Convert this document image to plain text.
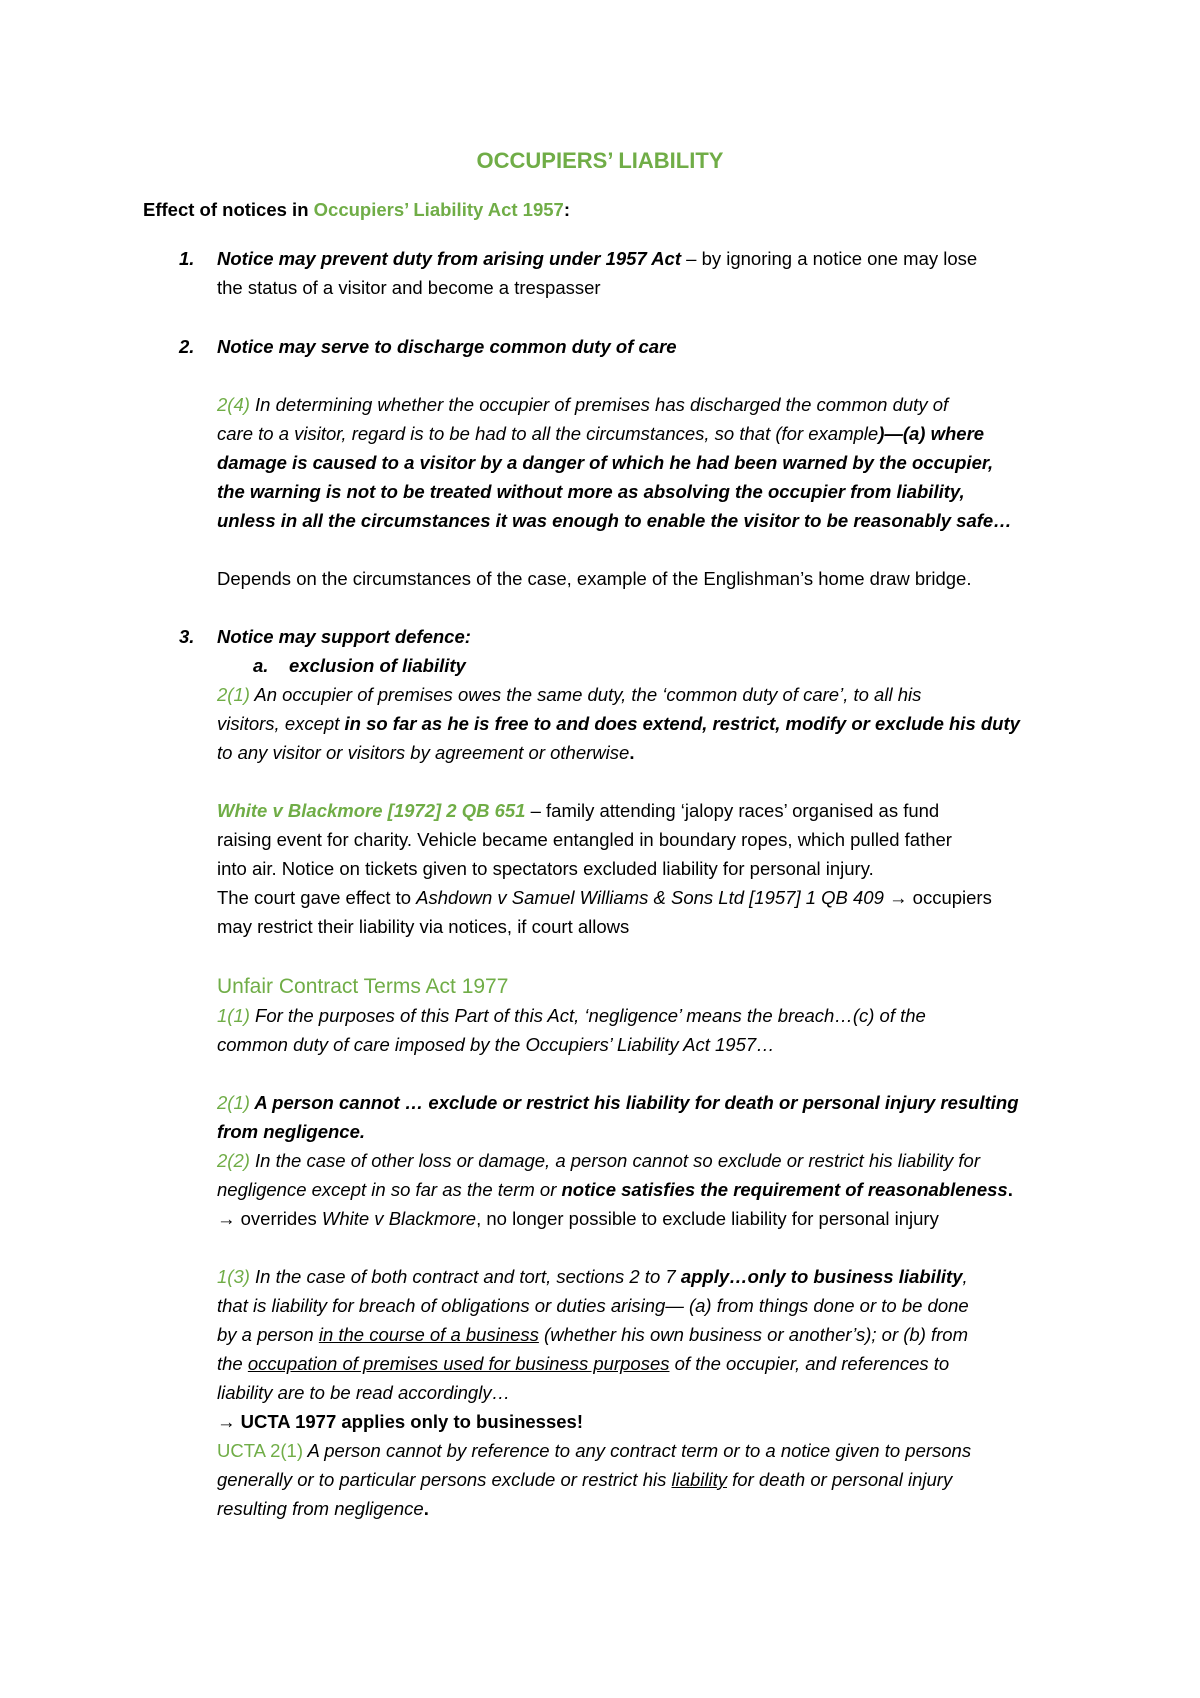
OCCUPIERS’ LIABILITY
Effect of notices in Occupiers’ Liability Act 1957:
1. Notice may prevent duty from arising under 1957 Act – by ignoring a notice one may lose
the status of a visitor and become a trespasser
2. Notice may serve to discharge common duty of care
2(4) In determining whether the occupier of premises has discharged the common duty of
care to a visitor, regard is to be had to all the circumstances, so that (for example)—(a) where
damage is caused to a visitor by a danger of which he had been warned by the occupier,
the warning is not to be treated without more as absolving the occupier from liability,
unless in all the circumstances it was enough to enable the visitor to be reasonably safe…
Depends on the circumstances of the case, example of the Englishman’s home draw bridge.
3. Notice may support defence:
a. exclusion of liability
2(1) An occupier of premises owes the same duty, the ‘common duty of care’, to all his
visitors, except in so far as he is free to and does extend, restrict, modify or exclude his duty
to any visitor or visitors by agreement or otherwise.
White v Blackmore [1972] 2 QB 651 – family attending ‘jalopy races’ organised as fund
raising event for charity. Vehicle became entangled in boundary ropes, which pulled father
into air. Notice on tickets given to spectators excluded liability for personal injury.
The court gave effect to Ashdown v Samuel Williams & Sons Ltd [1957] 1 QB 409 → occupiers
may restrict their liability via notices, if court allows
Unfair Contract Terms Act 1977
1(1) For the purposes of this Part of this Act, ‘negligence’ means the breach…(c) of the
common duty of care imposed by the Occupiers’ Liability Act 1957…
2(1) A person cannot … exclude or restrict his liability for death or personal injury resulting
from negligence.
2(2) In the case of other loss or damage, a person cannot so exclude or restrict his liability for
negligence except in so far as the term or notice satisfies the requirement of reasonableness.
→ overrides White v Blackmore, no longer possible to exclude liability for personal injury
1(3) In the case of both contract and tort, sections 2 to 7 apply…only to business liability,
that is liability for breach of obligations or duties arising— (a) from things done or to be done
by a person in the course of a business (whether his own business or another’s); or (b) from
the occupation of premises used for business purposes of the occupier, and references to
liability are to be read accordingly…
→ UCTA 1977 applies only to businesses!
UCTA 2(1) A person cannot by reference to any contract term or to a notice given to persons
generally or to particular persons exclude or restrict his liability for death or personal injury
resulting from negligence.
